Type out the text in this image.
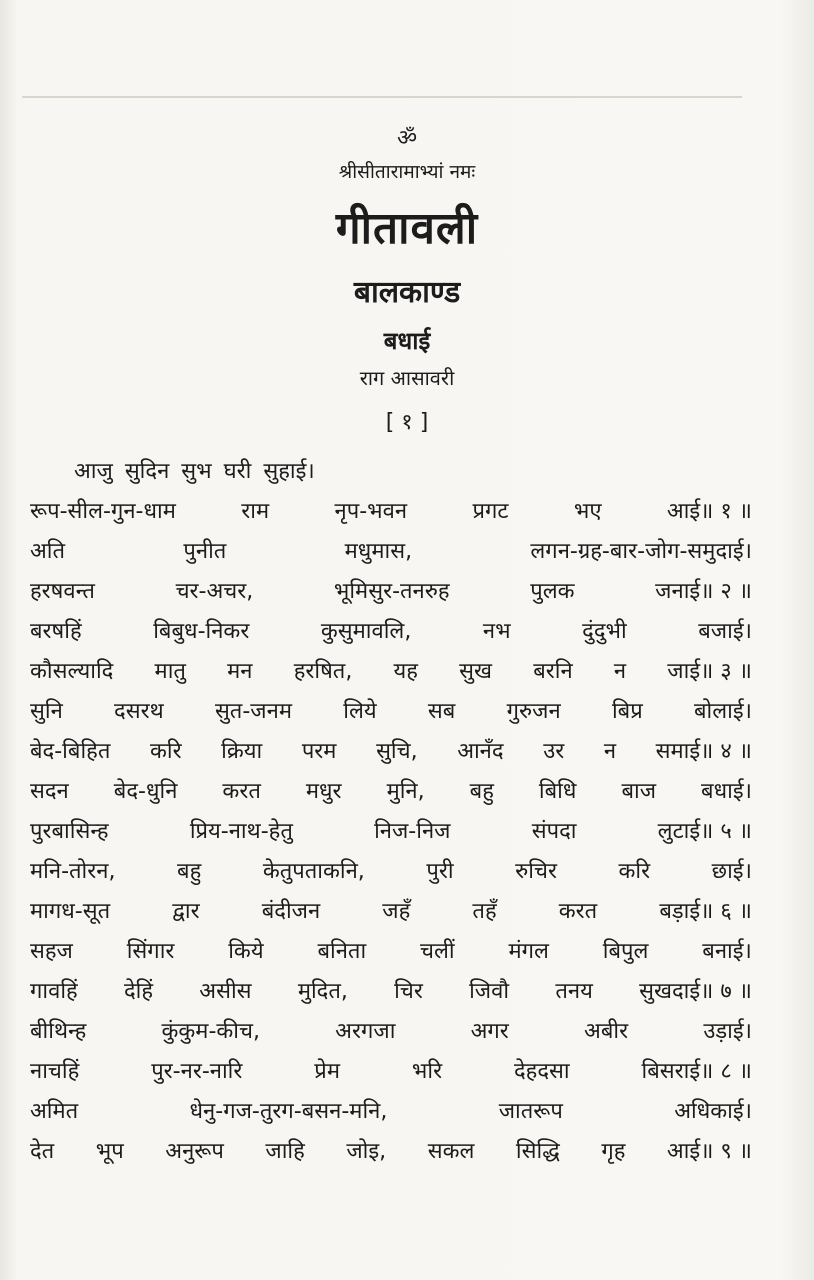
ॐ
श्रीसीतारामाभ्यां नमः
गीतावली
बालकाण्ड
बधाई
राग आसावरी
[ १ ]
आजु सुदिन सुभ घरी सुहाई।
रूप-सील-गुन-धाम	राम	नृप-भवन	प्रगट	भए	आई॥ १ ॥
अति	पुनीत	मधुमास,	लगन-ग्रह-बार-जोग-समुदाई।
हरषवन्त	चर-अचर,	भूमिसुर-तनरुह	पुलक	जनाई॥ २ ॥
बरषहिं	बिबुध-निकर	कुसुमावलि,	नभ	दुंदुभी	बजाई।
कौसल्यादि मातु मन हरषित, यह सुख बरनि न जाई॥ ३ ॥
सुनि दसरथ सुत-जनम लिये सब गुरुजन बिप्र बोलाई।
बेद-बिहित करि क्रिया परम सुचि, आनँद उर न समाई॥ ४ ॥
सदन बेद-धुनि करत मधुर मुनि, बहु बिधि बाज बधाई।
पुरबासिन्ह	प्रिय-नाथ-हेतु	निज-निज	संपदा	लुटाई॥ ५ ॥
मनि-तोरन,	बहु	केतुपताकनि,	पुरी	रुचिर	करि	छाई।
मागध-सूत	द्वार	बंदीजन	जहँ	तहँ	करत	बड़ाई॥ ६ ॥
सहज सिंगार किये बनिता चलीं मंगल बिपुल बनाई।
गावहिं देहिं असीस मुदित, चिर जिवौ तनय सुखदाई॥ ७ ॥
बीथिन्ह	कुंकुम-कीच,	अरगजा	अगर	अबीर	उड़ाई।
नाचहिं	पुर-नर-नारि	प्रेम	भरि	देहदसा	बिसराई॥ ८ ॥
अमित	धेनु-गज-तुरग-बसन-मनि,	जातरूप	अधिकाई।
देत भूप अनुरूप जाहि जोइ, सकल सिद्धि गृह आई॥ ९ ॥
